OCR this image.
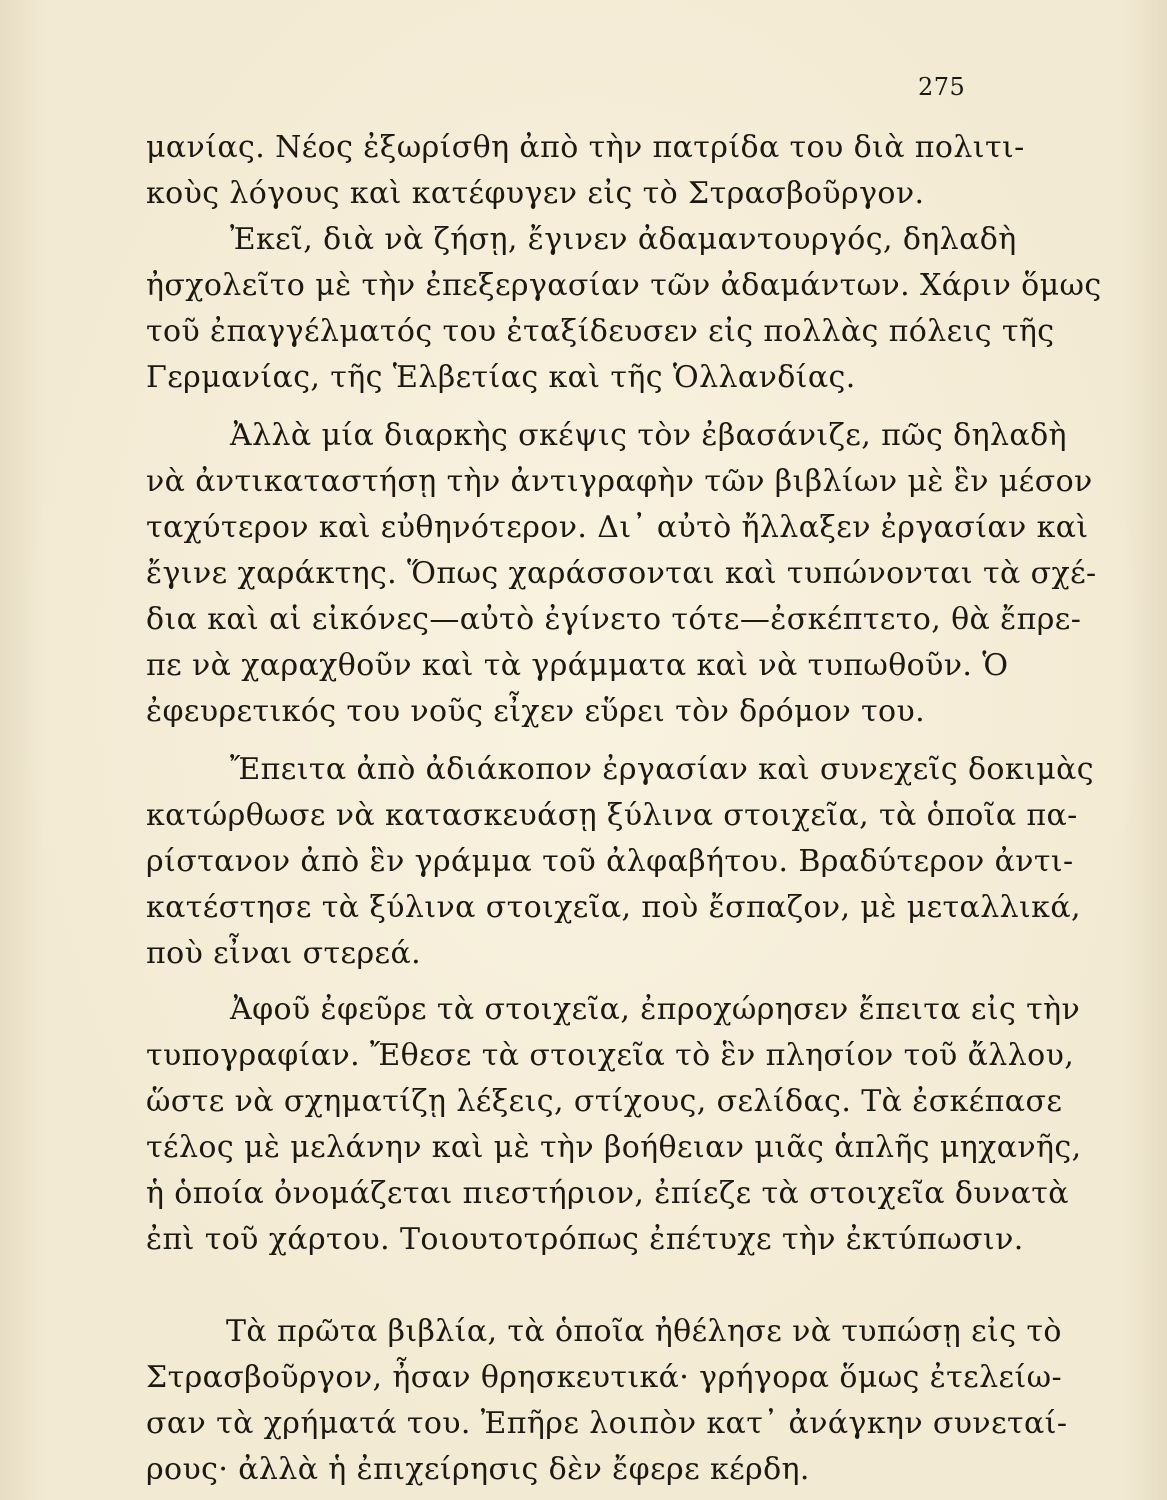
275
μανίας. Νέος ἐξωρίσθη ἀπὸ τὴν πατρίδα του διὰ πολιτι-
κοὺς λόγους καὶ κατέφυγεν εἰς τὸ Στρασβοῦργον.
Ἐκεῖ, διὰ νὰ ζήσῃ, ἔγινεν ἀδαμαντουργός, δηλαδὴ
ἠσχολεῖτο μὲ τὴν ἐπεξεργασίαν τῶν ἀδαμάντων. Χάριν ὅμως
τοῦ ἐπαγγέλματός του ἐταξίδευσεν εἰς πολλὰς πόλεις τῆς
Γερμανίας, τῆς Ἑλβετίας καὶ τῆς Ὁλλανδίας.
Ἀλλὰ μία διαρκὴς σκέψις τὸν ἐβασάνιζε, πῶς δηλαδὴ
νὰ ἀντικαταστήσῃ τὴν ἀντιγραφὴν τῶν βιβλίων μὲ ἓν μέσον
ταχύτερον καὶ εὐθηνότερον. Δι᾽ αὐτὸ ἤλλαξεν ἐργασίαν καὶ
ἔγινε χαράκτης. Ὅπως χαράσσονται καὶ τυπώνονται τὰ σχέ-
δια καὶ αἱ εἰκόνες—αὐτὸ ἐγίνετο τότε—ἐσκέπτετο, θὰ ἔπρε-
πε νὰ χαραχθοῦν καὶ τὰ γράμματα καὶ νὰ τυπωθοῦν. Ὁ
ἐφευρετικός του νοῦς εἶχεν εὕρει τὸν δρόμον του.
Ἔπειτα ἀπὸ ἀδιάκοπον ἐργασίαν καὶ συνεχεῖς δοκιμὰς
κατώρθωσε νὰ κατασκευάσῃ ξύλινα στοιχεῖα, τὰ ὁποῖα πα-
ρίστανον ἀπὸ ἓν γράμμα τοῦ ἀλφαβήτου. Βραδύτερον ἀντι-
κατέστησε τὰ ξύλινα στοιχεῖα, ποὺ ἔσπαζον, μὲ μεταλλικά,
ποὺ εἶναι στερεά.
Ἀφοῦ ἐφεῦρε τὰ στοιχεῖα, ἐπροχώρησεν ἔπειτα εἰς τὴν
τυπογραφίαν. Ἔθεσε τὰ στοιχεῖα τὸ ἓν πλησίον τοῦ ἄλλου,
ὥστε νὰ σχηματίζῃ λέξεις, στίχους, σελίδας. Τὰ ἐσκέπασε
τέλος μὲ μελάνην καὶ μὲ τὴν βοήθειαν μιᾶς ἁπλῆς μηχανῆς,
ἡ ὁποία ὀνομάζεται πιεστήριον, ἐπίεζε τὰ στοιχεῖα δυνατὰ
ἐπὶ τοῦ χάρτου. Τοιουτοτρόπως ἐπέτυχε τὴν ἐκτύπωσιν.
Τὰ πρῶτα βιβλία, τὰ ὁποῖα ἠθέλησε νὰ τυπώσῃ εἰς τὸ
Στρασβοῦργον, ἦσαν θρησκευτικά· γρήγορα ὅμως ἐτελείω-
σαν τὰ χρήματά του. Ἐπῆρε λοιπὸν κατ᾽ ἀνάγκην συνεταί-
ρους· ἀλλὰ ἡ ἐπιχείρησις δὲν ἔφερε κέρδη.
